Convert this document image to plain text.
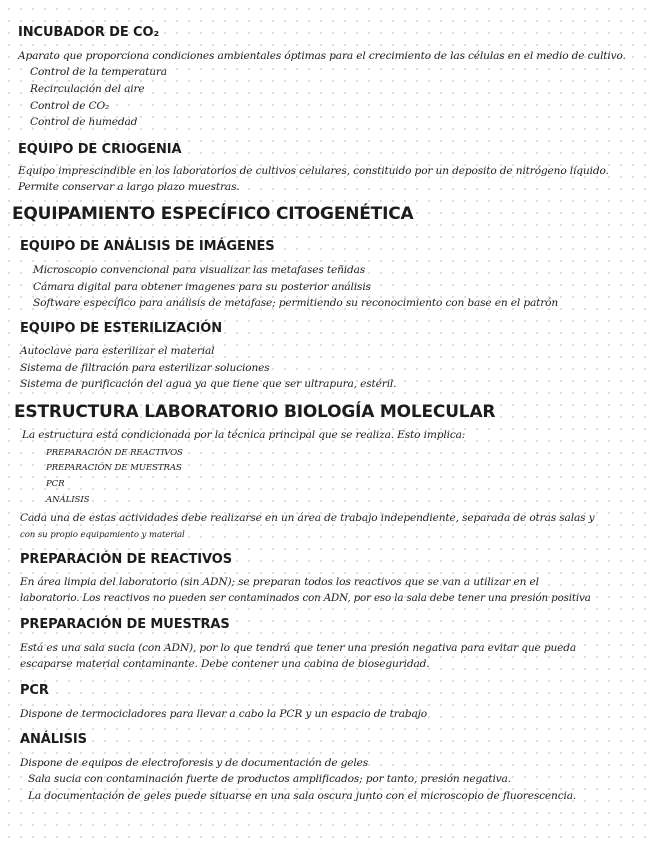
INCUBADOR DE CO₂
Aparato que proporciona condiciones ambientales óptimas para el crecimiento de las células en el medio de cultivo.
Control de la temperatura
Recirculación del aire
Control de CO₂
Control de humedad
EQUIPO DE CRIOGENIA
Equipo imprescindible en los laboratorios de cultivos celulares, constituido por un deposito de nitrógeno líquido.
Permite conservar a largo plazo muestras.
EQUIPAMIENTO ESPECÍFICO CITOGENÉTICA
EQUIPO DE ANÁLISIS DE IMÁGENES
Microscopio convencional para visualizar las metafases teñidas
Cámara digital para obtener imagenes para su posterior análisis
Software específico para análisis de metafase; permitiendo su reconocimiento con base en el patrón
EQUIPO DE ESTERILIZACIÓN
Autoclave para esterilizar el material
Sistema de filtración para esterilizar soluciones
Sistema de purificación del agua ya que tiene que ser ultrapura, estéril.
ESTRUCTURA LABORATORIO BIOLOGÍA MOLECULAR
La estructura está condicionada por la técnica principal que se realiza. Esto implica:
PREPARACIÓN DE REACTIVOS
PREPARACIÓN DE MUESTRAS
PCR
ANÁLISIS
Cada una de estas actividades debe realizarse en un área de trabajo independiente, separada de otras salas y
con su propio equipamiento y material
PREPARACIÓN DE REACTIVOS
En área limpia del laboratorio (sin ADN); se preparan todos los reactivos que se van a utilizar en el
laboratorio. Los reactivos no pueden ser contaminados con ADN, por eso la sala debe tener una presión positiva
PREPARACIÓN DE MUESTRAS
Está es una sala sucia (con ADN), por lo que tendrá que tener una presión negativa para evitar que pueda
escaparse material contaminante. Debe contener una cabina de bioseguridad.
PCR
Dispone de termocicladores para llevar a cabo la PCR y un espacio de trabajo
ANÁLISIS
Dispone de equipos de electroforesis y de documentación de geles
Sala sucia con contaminación fuerte de productos amplificados; por tanto, presión negativa.
La documentación de geles puede situarse en una sala oscura junto con el microscopio de fluorescencia.
